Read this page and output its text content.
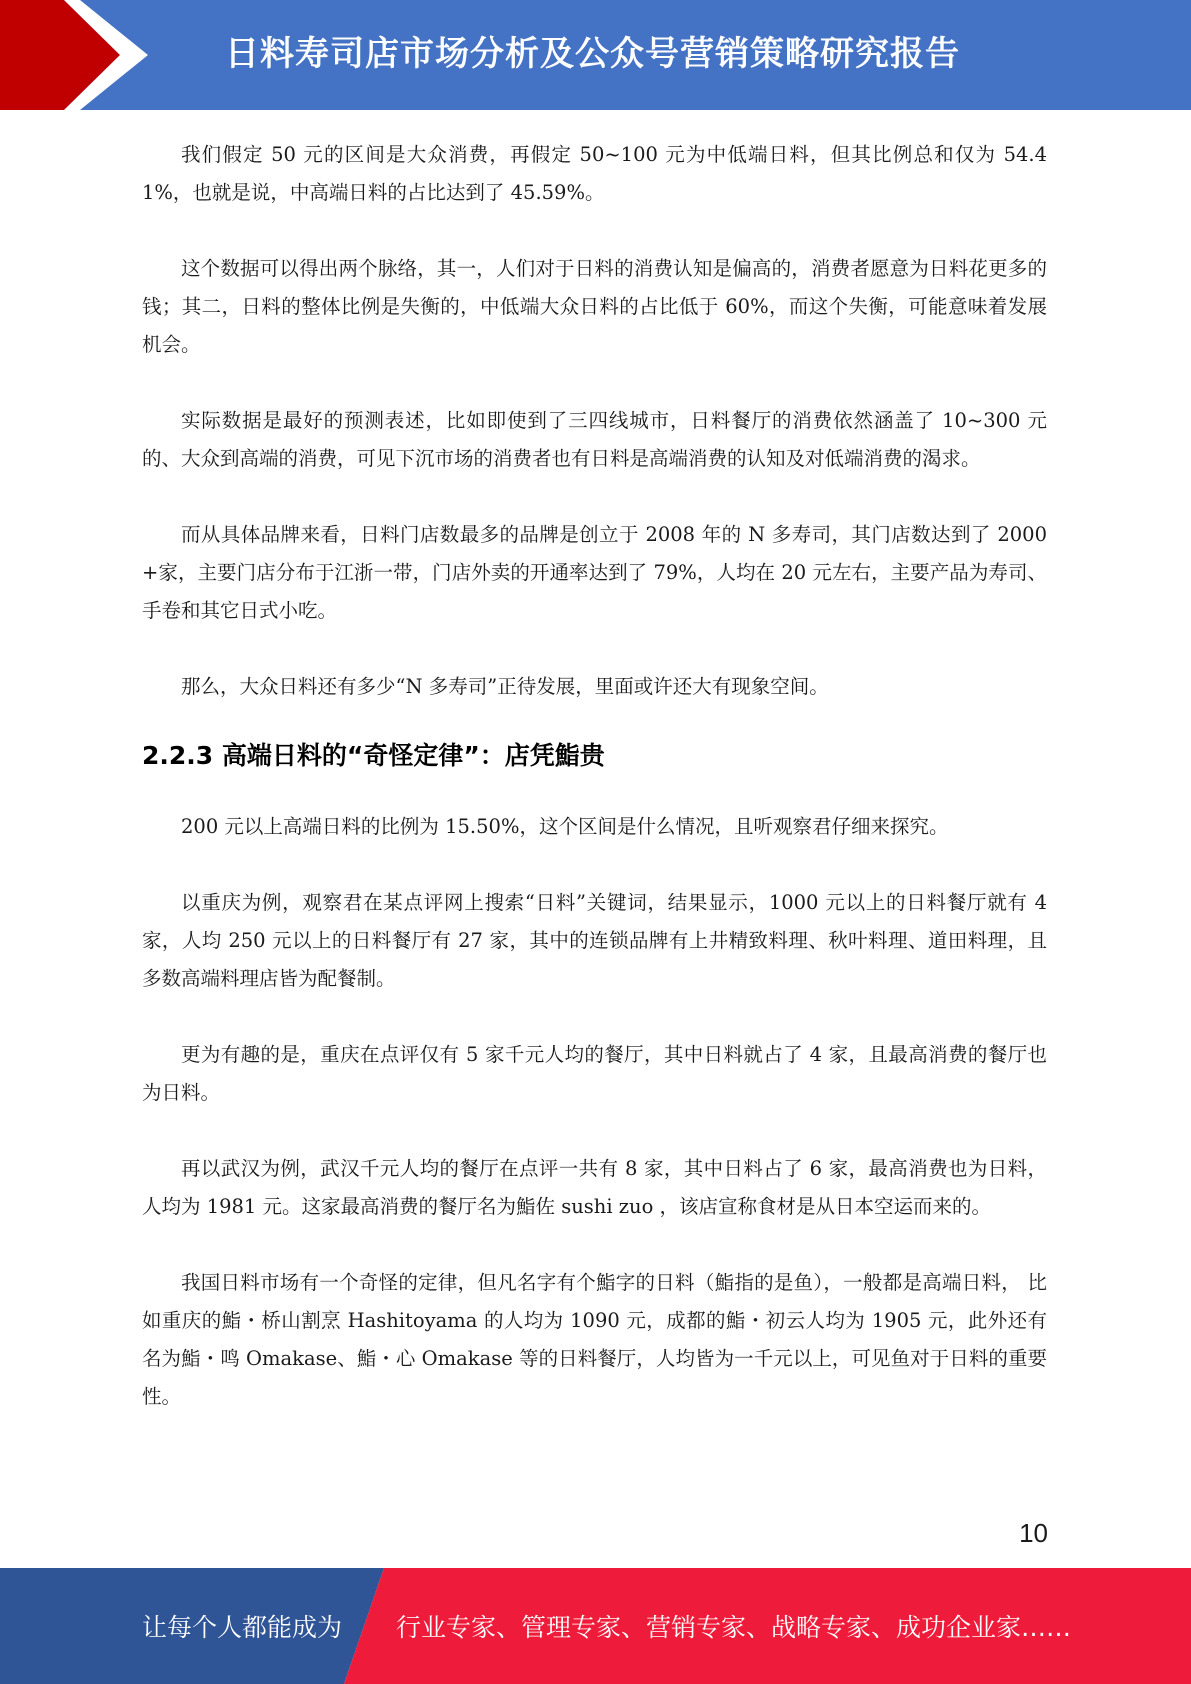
日料寿司店市场分析及公众号营销策略研究报告

我们假定 50 元的区间是大众消费，再假定 50~100 元为中低端日料，但其比例总和仅为 54.41%，也就是说，中高端日料的占比达到了 45.59%。

这个数据可以得出两个脉络，其一，人们对于日料的消费认知是偏高的，消费者愿意为日料花更多的钱；其二，日料的整体比例是失衡的，中低端大众日料的占比低于 60%，而这个失衡，可能意味着发展机会。

实际数据是最好的预测表述，比如即使到了三四线城市，日料餐厅的消费依然涵盖了 10~300 元的、大众到高端的消费，可见下沉市场的消费者也有日料是高端消费的认知及对低端消费的渴求。

而从具体品牌来看，日料门店数最多的品牌是创立于 2008 年的 N 多寿司，其门店数达到了 2000+家，主要门店分布于江浙一带，门店外卖的开通率达到了 79%，人均在 20 元左右，主要产品为寿司、手卷和其它日式小吃。

那么，大众日料还有多少“N 多寿司”正待发展，里面或许还大有现象空间。

2.2.3 高端日料的“奇怪定律”：店凭鮨贵

200 元以上高端日料的比例为 15.50%，这个区间是什么情况，且听观察君仔细来探究。

以重庆为例，观察君在某点评网上搜索“日料”关键词，结果显示，1000 元以上的日料餐厅就有 4 家，人均 250 元以上的日料餐厅有 27 家，其中的连锁品牌有上井精致料理、秋叶料理、道田料理，且多数高端料理店皆为配餐制。

更为有趣的是，重庆在点评仅有 5 家千元人均的餐厅，其中日料就占了 4 家，且最高消费的餐厅也为日料。

再以武汉为例，武汉千元人均的餐厅在点评一共有 8 家，其中日料占了 6 家，最高消费也为日料，人均为 1981 元。这家最高消费的餐厅名为鮨佐 sushi zuo ，该店宣称食材是从日本空运而来的。

我国日料市场有一个奇怪的定律，但凡名字有个鮨字的日料（鮨指的是鱼），一般都是高端日料， 比如重庆的鮨・桥山割烹 Hashitoyama 的人均为 1090 元，成都的鮨・初云人均为 1905 元，此外还有名为鮨・鸣 Omakase、鮨・心 Omakase 等的日料餐厅，人均皆为一千元以上，可见鱼对于日料的重要性。

10
让每个人都能成为 行业专家、管理专家、营销专家、战略专家、成功企业家……
